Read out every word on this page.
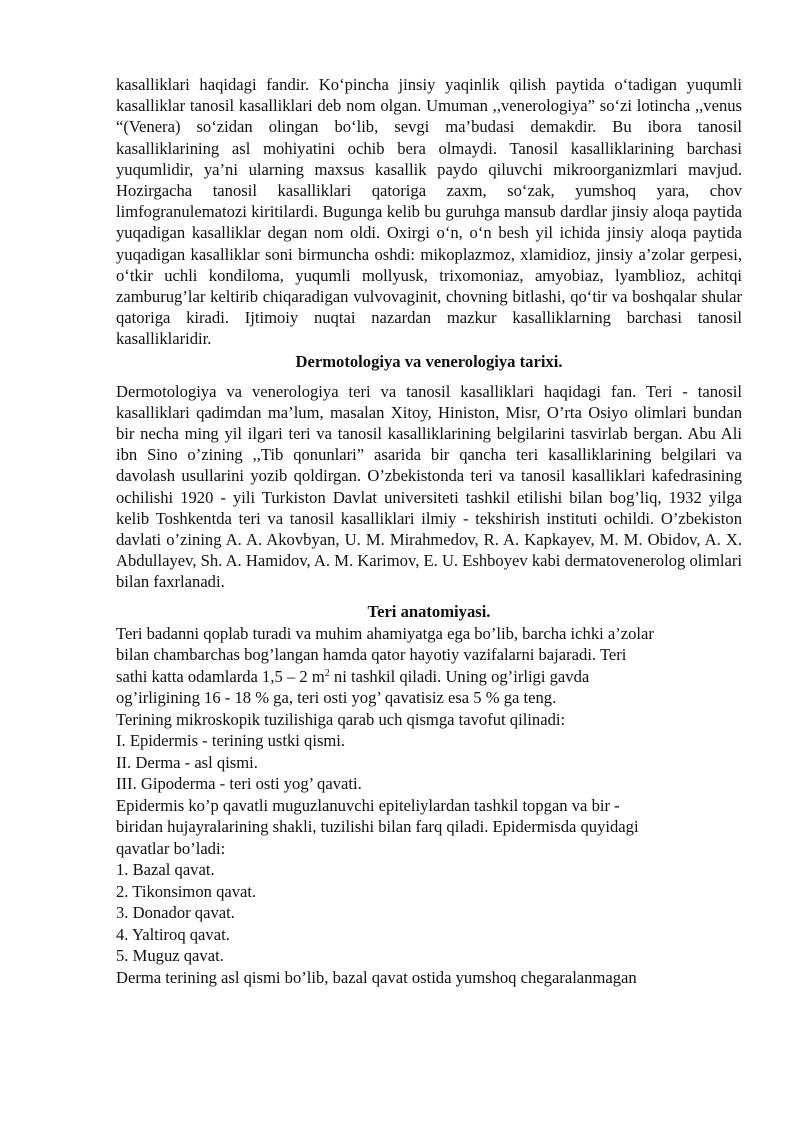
kasalliklari haqidagi fandir. Ko‘pincha jinsiy yaqinlik qilish paytida o‘tadigan yuqumli kasalliklar tanosil kasalliklari deb nom olgan. Umuman ,,venerologiya” so‘zi lotincha ,,venus “(Venera) so‘zidan olingan bo‘lib, sevgi ma’budasi demakdir. Bu ibora tanosil kasalliklarining asl mohiyatini ochib bera olmaydi. Tanosil kasalliklarining barchasi yuqumlidir, ya’ni ularning maxsus kasallik paydo qiluvchi mikroorganizmlari mavjud. Hozirgacha tanosil kasalliklari qatoriga zaxm, so‘zak, yumshoq yara, chov limfogranulematozi kiritilardi. Bugunga kelib bu guruhga mansub dardlar jinsiy aloqa paytida yuqadigan kasalliklar degan nom oldi. Oxirgi o‘n, o‘n besh yil ichida jinsiy aloqa paytida yuqadigan kasalliklar soni birmuncha oshdi: mikoplazmoz, xlamidioz, jinsiy a’zolar gerpesi, o‘tkir uchli kondiloma, yuqumli mollyusk, trixomoniaz, amyobiaz, lyamblioz, achitqi zamburug’lar keltirib chiqaradigan vulvovaginit, chovning bitlashi, qo‘tir va boshqalar shular qatoriga kiradi. Ijtimoiy nuqtai nazardan mazkur kasalliklarning barchasi tanosil kasalliklaridir.

Dermotologiya va venerologiya tarixi.

Dermotologiya va venerologiya teri va tanosil kasalliklari haqidagi fan. Teri - tanosil kasalliklari qadimdan ma’lum, masalan Xitoy, Hiniston, Misr, O’rta Osiyo olimlari bundan bir necha ming yil ilgari teri va tanosil kasalliklarining belgilarini tasvirlab bergan. Abu Ali ibn Sino o’zining ,,Tib qonunlari” asarida bir qancha teri kasalliklarining belgilari va davolash usullarini yozib qoldirgan. O’zbekistonda teri va tanosil kasalliklari kafedrasining ochilishi 1920 - yili Turkiston Davlat universiteti tashkil etilishi bilan bog’liq, 1932 yilga kelib Toshkentda teri va tanosil kasalliklari ilmiy - tekshirish instituti ochildi. O’zbekiston davlati o’zining A. A. Akovbyan, U. M. Mirahmedov, R. A. Kapkayev, M. M. Obidov, A. X. Abdullayev, Sh. A. Hamidov, A. M. Karimov, E. U. Eshboyev kabi dermatovenerolog olimlari bilan faxrlanadi.

Teri anatomiyasi.

Teri badanni qoplab turadi va muhim ahamiyatga ega bo’lib, barcha ichki a’zolar
bilan chambarchas bog’langan hamda qator hayotiy vazifalarni bajaradi. Teri
sathi katta odamlarda 1,5 – 2 $m^2$ ni tashkil qiladi. Uning og’irligi gavda
og’irligining 16 - 18 % ga, teri osti yog’ qavatisiz esa 5 % ga teng.
Terining mikroskopik tuzilishiga qarab uch qismga tavofut qilinadi:
I. Epidermis - terining ustki qismi.
II. Derma - asl qismi.
III. Gipoderma - teri osti yog’ qavati.
Epidermis ko’p qavatli muguzlanuvchi epiteliylardan tashkil topgan va bir -
biridan hujayralarining shakli, tuzilishi bilan farq qiladi. Epidermisda quyidagi
qavatlar bo’ladi:
1. Bazal qavat.
2. Tikonsimon qavat.
3. Donador qavat.
4. Yaltiroq qavat.
5. Muguz qavat.
Derma terining asl qismi bo’lib, bazal qavat ostida yumshoq chegaralanmagan
